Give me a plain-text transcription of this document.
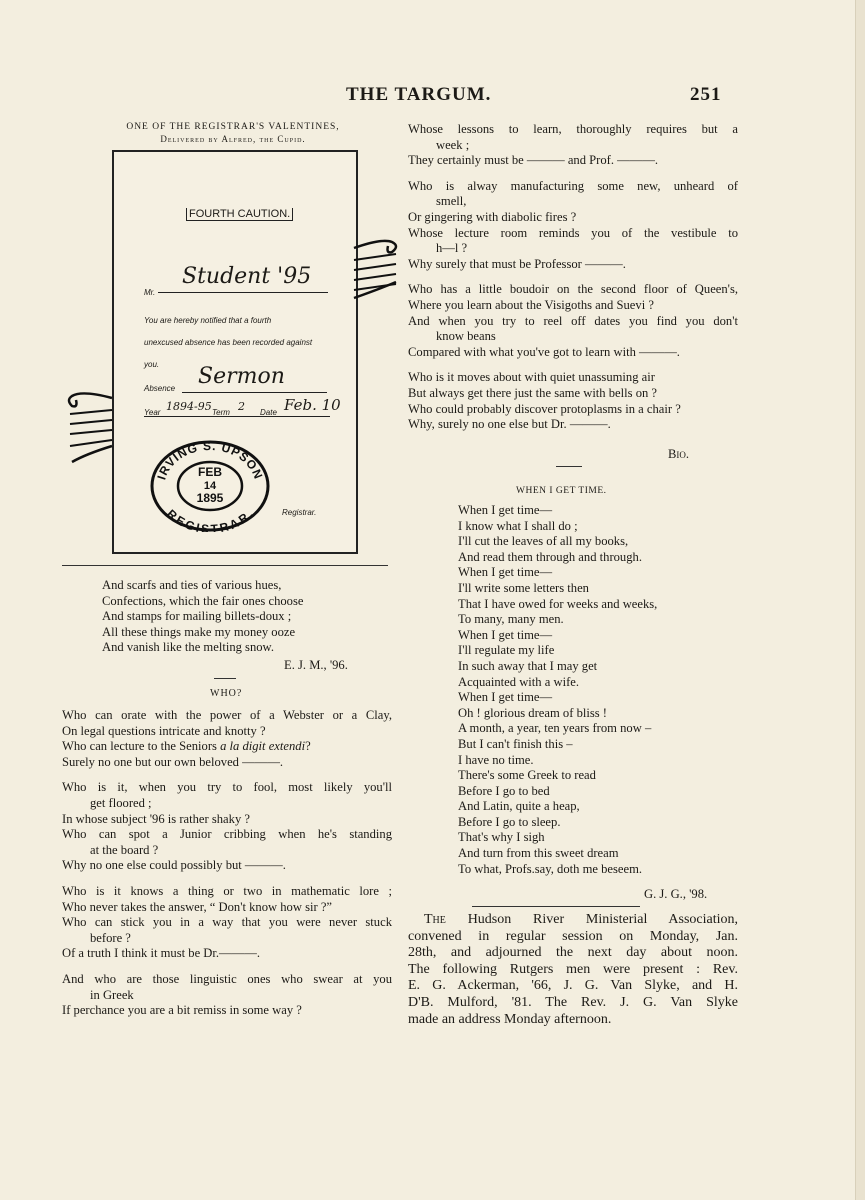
THE TARGUM.	251
ONE OF THE REGISTRAR'S VALENTINES,
Delivered by Alfred, the Cupid.
FOURTH CAUTION.
Mr.
Student '95
You are hereby notified that a fourth
unexcused absence has been recorded against
you.
Absence Sermon
Year 1894-95 Term 2 Date Feb. 10
IRVING S. UPSON
REGISTRAR.
FEB
14
1895
Registrar.
And scarfs and ties of various hues,
Confections, which the fair ones choose
And stamps for mailing billets-doux ;
All these things make my money ooze
And vanish like the melting snow.
E. J. M., '96.
WHO?
Who can orate with the power of a Webster or a Clay,
On legal questions intricate and knotty ?
Who can lecture to the Seniors a la digit extendi?
Surely no one but our own beloved ———.
Who is it, when you try to fool, most likely you'll
get floored ;
In whose subject '96 is rather shaky ?
Who can spot a Junior cribbing when he's standing
at the board ?
Why no one else could possibly but ———.
Who is it knows a thing or two in mathematic lore ;
Who never takes the answer, “ Don't know how sir ?”
Who can stick you in a way that you were never stuck
before ?
Of a truth I think it must be Dr.———.
And who are those linguistic ones who swear at you
in Greek
If perchance you are a bit remiss in some way ?
Whose lessons to learn, thoroughly requires but a
week ;
They certainly must be ——— and Prof. ———.
Who is alway manufacturing some new, unheard of
smell,
Or gingering with diabolic fires ?
Whose lecture room reminds you of the vestibule to
h—l ?
Why surely that must be Professor ———.
Who has a little boudoir on the second floor of Queen's,
Where you learn about the Visigoths and Suevi ?
And when you try to reel off dates you find you don't
know beans
Compared with what you've got to learn with ———.
Who is it moves about with quiet unassuming air
But always get there just the same with bells on ?
Who could probably discover protoplasms in a chair ?
Why, surely no one else but Dr. ———.
Bio.
WHEN I GET TIME.
When I get time—
I know what I shall do ;
I'll cut the leaves of all my books,
And read them through and through.
When I get time—
I'll write some letters then
That I have owed for weeks and weeks,
To many, many men.
When I get time—
I'll regulate my life
In such away that I may get
Acquainted with a wife.
When I get time—
Oh ! glorious dream of bliss !
A month, a year, ten years from now –
But I can't finish this –
I have no time.
There's some Greek to read
Before I go to bed
And Latin, quite a heap,
Before I go to sleep.
That's why I sigh
And turn from this sweet dream
To what, Profs.say, doth me beseem.
G. J. G., '98.
The Hudson River Ministerial Association,
convened in regular session on Monday, Jan.
28th, and adjourned the next day about noon.
The following Rutgers men were present : Rev.
E. G. Ackerman, '66, J. G. Van Slyke, and H.
D'B. Mulford, '81. The Rev. J. G. Van Slyke
made an address Monday afternoon.
